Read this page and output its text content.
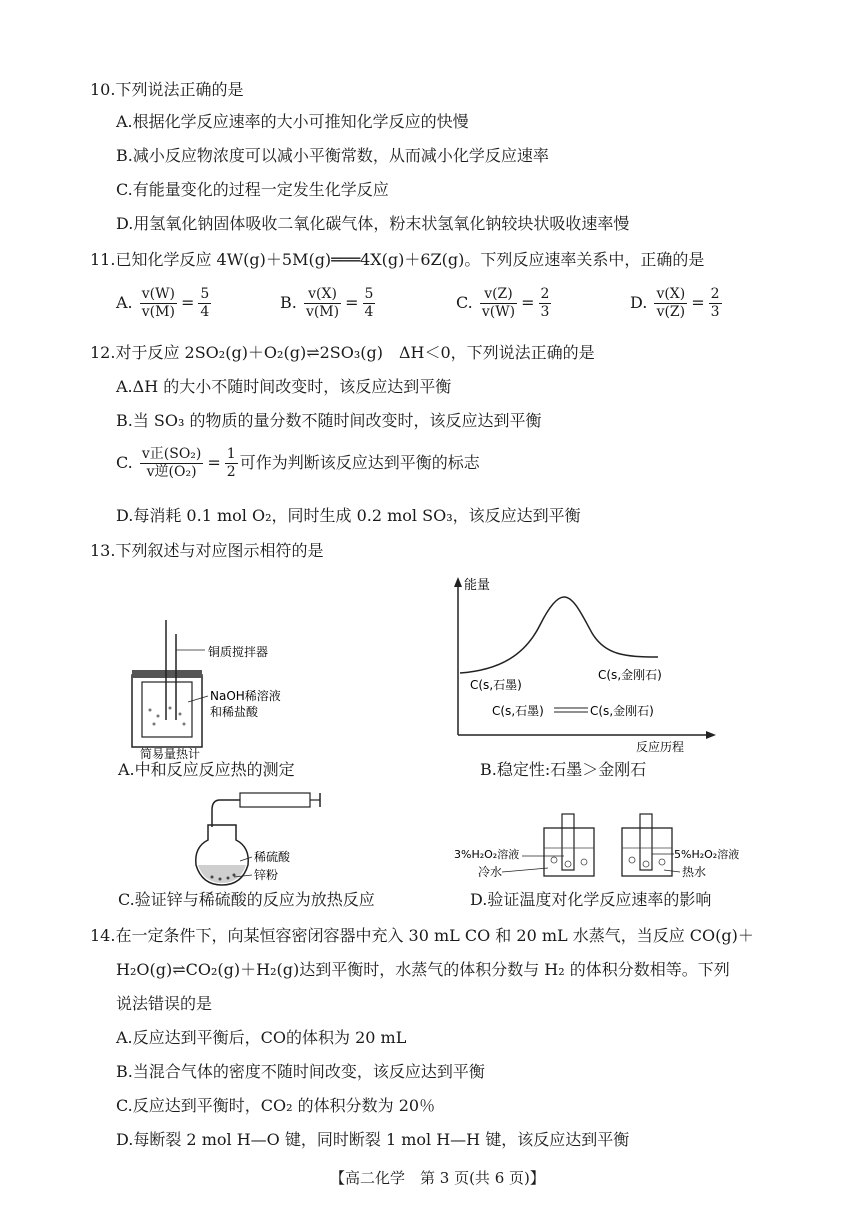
10.下列说法正确的是
A.根据化学反应速率的大小可推知化学反应的快慢
B.减小反应物浓度可以减小平衡常数，从而减小化学反应速率
C.有能量变化的过程一定发生化学反应
D.用氢氧化钠固体吸收二氧化碳气体，粉末状氢氧化钠较块状吸收速率慢
11.已知化学反应 4W(g)＋5M(g)═══4X(g)＋6Z(g)。下列反应速率关系中，正确的是
A. $\frac{v(W)}{v(M)} = \frac{5}{4}$	B. $\frac{v(X)}{v(M)} = \frac{5}{4}$	C. $\frac{v(Z)}{v(W)} = \frac{2}{3}$	D. $\frac{v(X)}{v(Z)} = \frac{2}{3}$
12.对于反应 2SO₂(g)＋O₂(g)⇌2SO₃(g)　ΔH＜0，下列说法正确的是
A.ΔH 的大小不随时间改变时，该反应达到平衡
B.当 SO₃ 的物质的量分数不随时间改变时，该反应达到平衡
C. $\frac{\text{v正(SO₂)}}{\text{v逆(O₂)}} = \frac{1}{2}$ 可作为判断该反应达到平衡的标志
D.每消耗 0.1 mol O₂，同时生成 0.2 mol SO₃，该反应达到平衡
13.下列叙述与对应图示相符的是
铜质搅拌器
NaOH稀溶液
和稀盐酸
简易量热计
A.中和反应反应热的测定
能量
反应历程
C(s,石墨)
C(s,金刚石)
C(s,石墨)	C(s,金刚石)
B.稳定性:石墨＞金刚石
稀硫酸
锌粉
C.验证锌与稀硫酸的反应为放热反应
3%H₂O₂溶液
冷水
5%H₂O₂溶液
热水
D.验证温度对化学反应速率的影响
14.在一定条件下，向某恒容密闭容器中充入 30 mL CO 和 20 mL 水蒸气，当反应 CO(g)＋
H₂O(g)⇌CO₂(g)＋H₂(g)达到平衡时，水蒸气的体积分数与 H₂ 的体积分数相等。下列
说法错误的是
A.反应达到平衡后，CO的体积为 20 mL
B.当混合气体的密度不随时间改变，该反应达到平衡
C.反应达到平衡时，CO₂ 的体积分数为 20％
D.每断裂 2 mol H—O 键，同时断裂 1 mol H—H 键，该反应达到平衡
【高二化学　第 3 页(共 6 页)】
